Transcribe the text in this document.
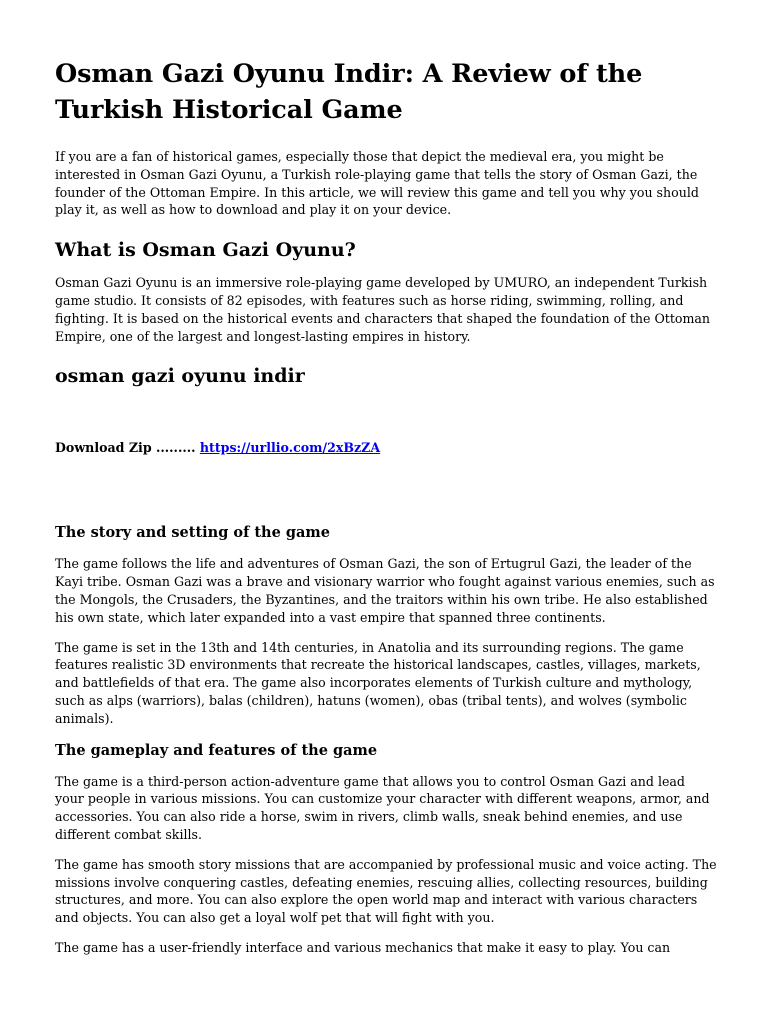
Osman Gazi Oyunu Indir: A Review of the Turkish Historical Game

If you are a fan of historical games, especially those that depict the medieval era, you might be interested in Osman Gazi Oyunu, a Turkish role-playing game that tells the story of Osman Gazi, the founder of the Ottoman Empire. In this article, we will review this game and tell you why you should play it, as well as how to download and play it on your device.

What is Osman Gazi Oyunu?

Osman Gazi Oyunu is an immersive role-playing game developed by UMURO, an independent Turkish game studio. It consists of 82 episodes, with features such as horse riding, swimming, rolling, and fighting. It is based on the historical events and characters that shaped the foundation of the Ottoman Empire, one of the largest and longest-lasting empires in history.

osman gazi oyunu indir
Download Zip ......... https://urllio.com/2xBzZA
The story and setting of the game

The game follows the life and adventures of Osman Gazi, the son of Ertugrul Gazi, the leader of the Kayi tribe. Osman Gazi was a brave and visionary warrior who fought against various enemies, such as the Mongols, the Crusaders, the Byzantines, and the traitors within his own tribe. He also established his own state, which later expanded into a vast empire that spanned three continents.

The game is set in the 13th and 14th centuries, in Anatolia and its surrounding regions. The game features realistic 3D environments that recreate the historical landscapes, castles, villages, markets, and battlefields of that era. The game also incorporates elements of Turkish culture and mythology, such as alps (warriors), balas (children), hatuns (women), obas (tribal tents), and wolves (symbolic animals).

The gameplay and features of the game

The game is a third-person action-adventure game that allows you to control Osman Gazi and lead your people in various missions. You can customize your character with different weapons, armor, and accessories. You can also ride a horse, swim in rivers, climb walls, sneak behind enemies, and use different combat skills.

The game has smooth story missions that are accompanied by professional music and voice acting. The missions involve conquering castles, defeating enemies, rescuing allies, collecting resources, building structures, and more. You can also explore the open world map and interact with various characters and objects. You can also get a loyal wolf pet that will fight with you.

The game has a user-friendly interface and various mechanics that make it easy to play. You can
